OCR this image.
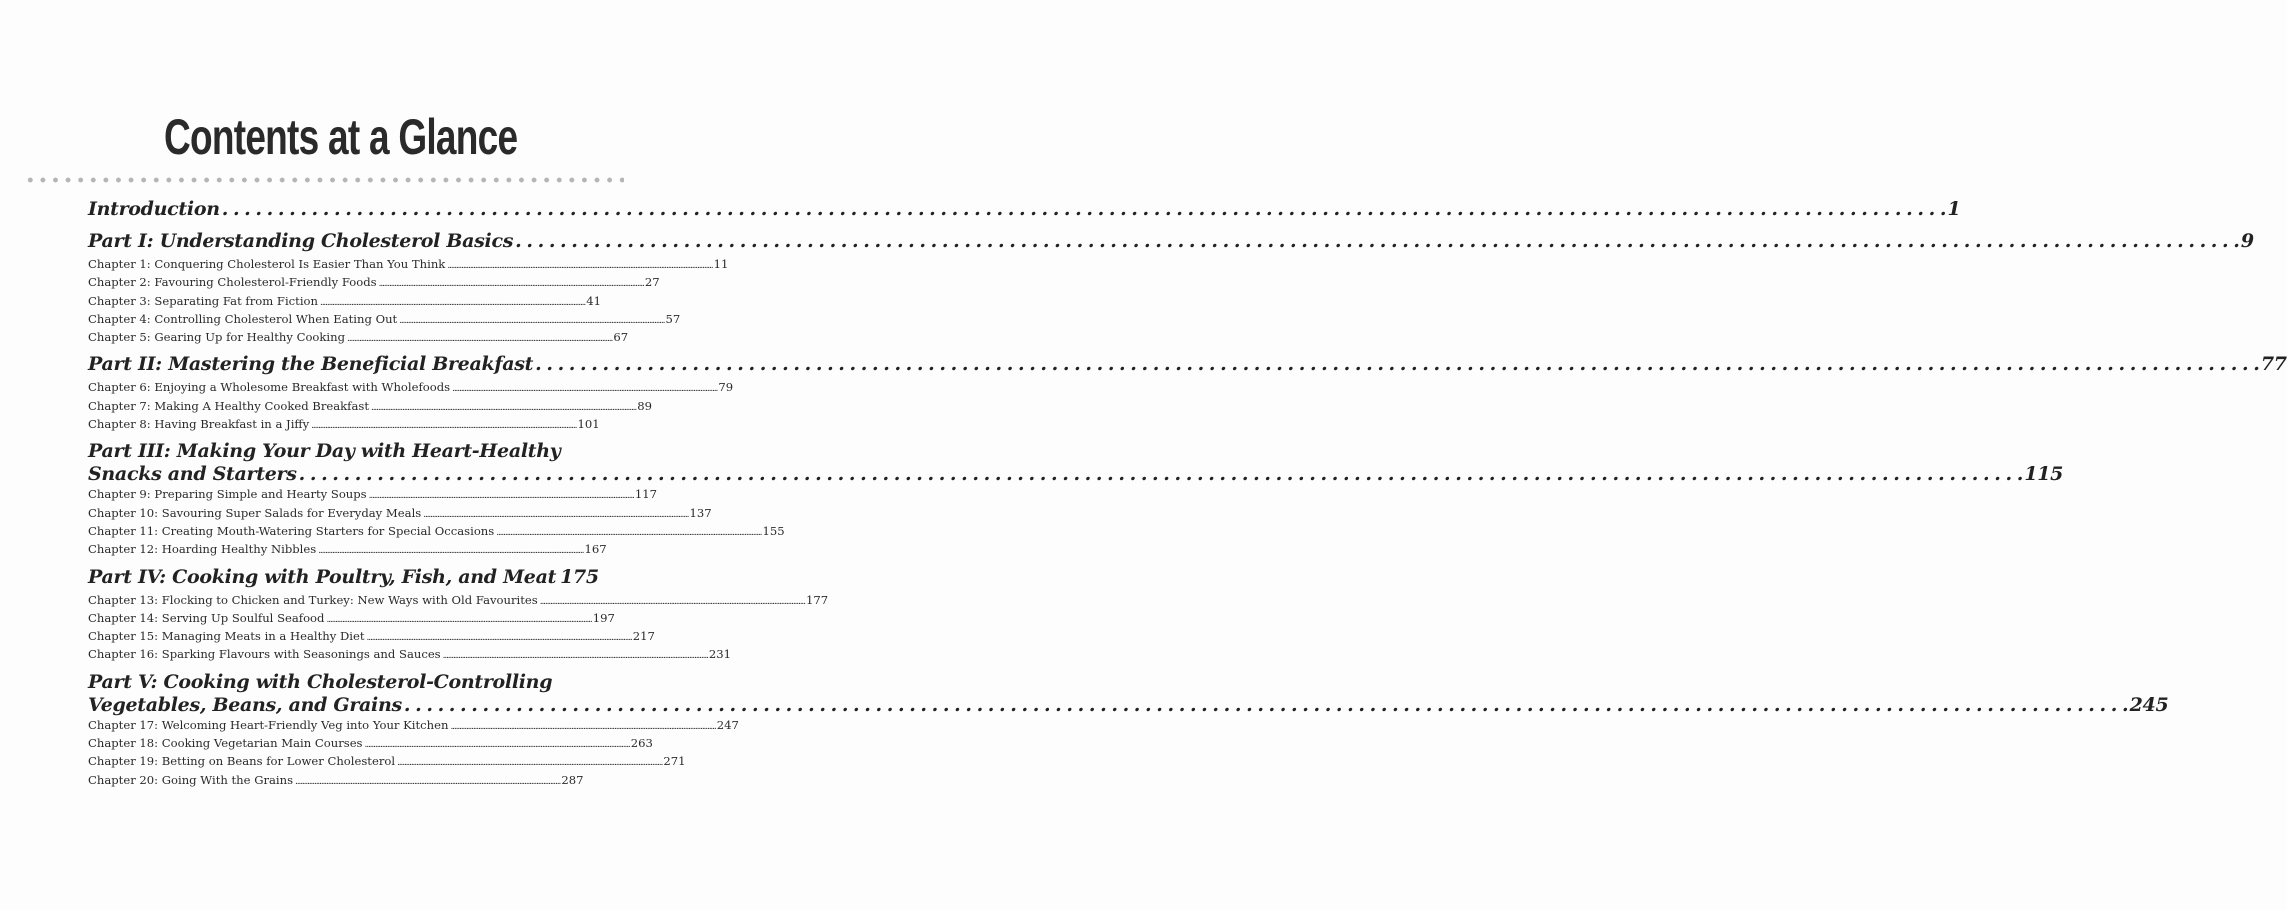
Contents at a Glance
Introduction . . .	1
Part I: Understanding Cholesterol Basics . . .	9
Chapter 1: Conquering Cholesterol Is Easier Than You Think . . .	11
Chapter 2: Favouring Cholesterol-Friendly Foods . . .	27
Chapter 3: Separating Fat from Fiction . . .	41
Chapter 4: Controlling Cholesterol When Eating Out . . .	57
Chapter 5: Gearing Up for Healthy Cooking . . .	67
Part II: Mastering the Beneficial Breakfast . . .	77
Chapter 6: Enjoying a Wholesome Breakfast with Wholefoods . . .	79
Chapter 7: Making A Healthy Cooked Breakfast . . .	89
Chapter 8: Having Breakfast in a Jiffy . . .	101
Part III: Making Your Day with Heart-Healthy
Snacks and Starters . . .	115
Chapter 9: Preparing Simple and Hearty Soups . . .	117
Chapter 10: Savouring Super Salads for Everyday Meals . . .	137
Chapter 11: Creating Mouth-Watering Starters for Special Occasions . . .	155
Chapter 12: Hoarding Healthy Nibbles . . .	167
Part IV: Cooking with Poultry, Fish, and Meat 175
Chapter 13: Flocking to Chicken and Turkey: New Ways with Old Favourites . . .	177
Chapter 14: Serving Up Soulful Seafood . . .	197
Chapter 15: Managing Meats in a Healthy Diet . . .	217
Chapter 16: Sparking Flavours with Seasonings and Sauces . . .	231
Part V: Cooking with Cholesterol-Controlling
Vegetables, Beans, and Grains . . .	245
Chapter 17: Welcoming Heart-Friendly Veg into Your Kitchen . . .	247
Chapter 18: Cooking Vegetarian Main Courses . . .	263
Chapter 19: Betting on Beans for Lower Cholesterol . . .	271
Chapter 20: Going With the Grains . . .	287
